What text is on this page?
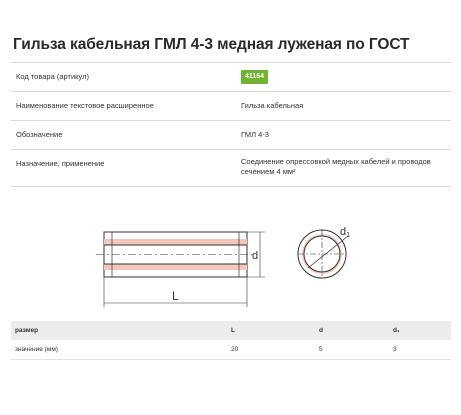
Гильза кабельная ГМЛ 4-3 медная луженая по ГОСТ
Код товара (артикул)	41164
Наименование текстовое расширенное	Гильза кабельная
Обозначение	ГМЛ 4-3
Назначение, применение	Соединение опрессовкой медных кабелей и проводов сечением 4 мм²
L
d
d1
размер	L	d	d₁
значение (мм)	20	5	3
